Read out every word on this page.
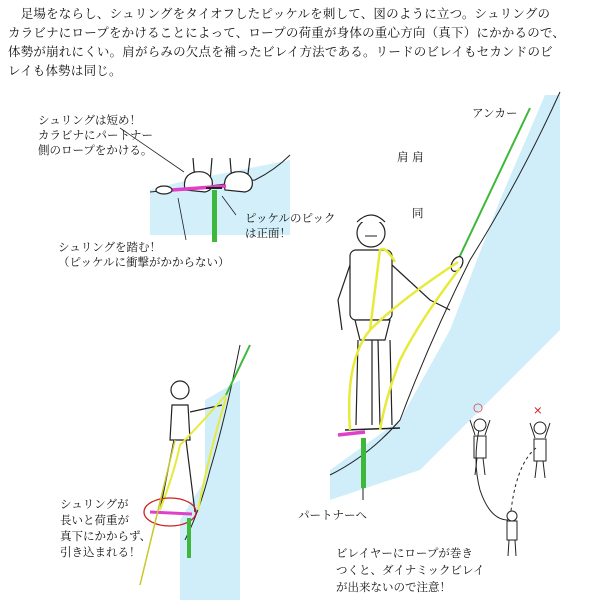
　足場をならし、シュリングをタイオフしたピッケルを刺して、図のように立つ。シュリングの
カラビナにロープをかけることによって、ロープの荷重が身体の重心方向（真下）にかかるので、
体勢が崩れにくい。肩がらみの欠点を補ったビレイ方法である。リードのビレイもセカンドのビ
レイも体勢は同じ。
シュリングは短め！
カラビナにパートナー
側のロープをかける。
ピッケルのピック
は正面！
シュリングを踏む！
（ピッケルに衝撃がかからない）
アンカー
肩 肩
同
パートナーへ
シュリングが
長いと荷重が
真下にかからず、
引き込まれる！	ビレイヤーにロープが巻き
つくと、ダイナミックビレイ
が出来ないので注意！
○	×
